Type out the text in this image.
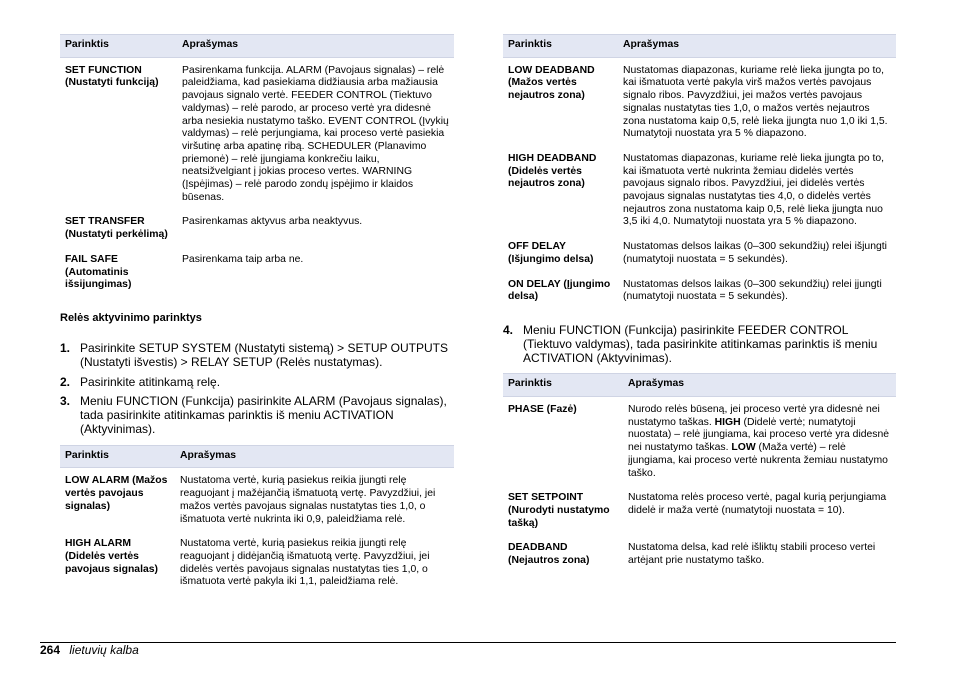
Parinktis	Aprašymas
SET FUNCTION (Nustatyti funkciją)	Pasirenkama funkcija. ALARM (Pavojaus signalas) – relė paleidžiama, kad pasiekiama didžiausia arba mažiausia pavojaus signalo vertė. FEEDER CONTROL (Tiektuvo valdymas) – relė parodo, ar proceso vertė yra didesnė arba nesiekia nustatymo taško. EVENT CONTROL (Įvykių valdymas) – relė perjungiama, kai proceso vertė pasiekia viršutinę arba apatinę ribą. SCHEDULER (Planavimo priemonė) – relė įjungiama konkrečiu laiku, neatsižvelgiant į jokias proceso vertes. WARNING (Įspėjimas) – relė parodo zondų įspėjimo ir klaidos būsenas.
SET TRANSFER (Nustatyti perkėlimą)	Pasirenkamas aktyvus arba neaktyvus.
FAIL SAFE (Automatinis išsijungimas)	Pasirenkama taip arba ne.
Relės aktyvinimo parinktys
1. Pasirinkite SETUP SYSTEM (Nustatyti sistemą) > SETUP OUTPUTS (Nustatyti išvestis) > RELAY SETUP (Relės nustatymas).
2. Pasirinkite atitinkamą relę.
3. Meniu FUNCTION (Funkcija) pasirinkite ALARM (Pavojaus signalas), tada pasirinkite atitinkamas parinktis iš meniu ACTIVATION (Aktyvinimas).
Parinktis	Aprašymas
LOW ALARM (Mažos vertės pavojaus signalas)	Nustatoma vertė, kurią pasiekus reikia įjungti relę reaguojant į mažėjančią išmatuotą vertę. Pavyzdžiui, jei mažos vertės pavojaus signalas nustatytas ties 1,0, o išmatuota vertė nukrinta iki 0,9, paleidžiama relė.
HIGH ALARM (Didelės vertės pavojaus signalas)	Nustatoma vertė, kurią pasiekus reikia įjungti relę reaguojant į didėjančią išmatuotą vertę. Pavyzdžiui, jei didelės vertės pavojaus signalas nustatytas ties 1,0, o išmatuota vertė pakyla iki 1,1, paleidžiama relė.
Parinktis	Aprašymas
LOW DEADBAND (Mažos vertės nejautros zona)	Nustatomas diapazonas, kuriame relė lieka įjungta po to, kai išmatuota vertė pakyla virš mažos vertės pavojaus signalo ribos. Pavyzdžiui, jei mažos vertės pavojaus signalas nustatytas ties 1,0, o mažos vertės nejautros zona nustatoma kaip 0,5, relė lieka įjungta nuo 1,0 iki 1,5. Numatytoji nuostata yra 5 % diapazono.
HIGH DEADBAND (Didelės vertės nejautros zona)	Nustatomas diapazonas, kuriame relė lieka įjungta po to, kai išmatuota vertė nukrinta žemiau didelės vertės pavojaus signalo ribos. Pavyzdžiui, jei didelės vertės pavojaus signalas nustatytas ties 4,0, o didelės vertės nejautros zona nustatoma kaip 0,5, relė lieka įjungta nuo 3,5 iki 4,0. Numatytoji nuostata yra 5 % diapazono.
OFF DELAY (Išjungimo delsa)	Nustatomas delsos laikas (0–300 sekundžių) relei išjungti (numatytoji nuostata = 5 sekundės).
ON DELAY (Įjungimo delsa)	Nustatomas delsos laikas (0–300 sekundžių) relei įjungti (numatytoji nuostata = 5 sekundės).
4. Meniu FUNCTION (Funkcija) pasirinkite FEEDER CONTROL (Tiektuvo valdymas), tada pasirinkite atitinkamas parinktis iš meniu ACTIVATION (Aktyvinimas).
Parinktis	Aprašymas
PHASE (Fazė)	Nurodo relės būseną, jei proceso vertė yra didesnė nei nustatymo taškas. HIGH (Didelė vertė; numatytoji nuostata) – relė įjungiama, kai proceso vertė yra didesnė nei nustatymo taškas. LOW (Maža vertė) – relė įjungiama, kai proceso vertė nukrenta žemiau nustatymo taško.
SET SETPOINT (Nurodyti nustatymo tašką)	Nustatoma relės proceso vertė, pagal kurią perjungiama didelė ir maža vertė (numatytoji nuostata = 10).
DEADBAND (Nejautros zona)	Nustatoma delsa, kad relė išliktų stabili proceso vertei artėjant prie nustatymo taško.
264 lietuvių kalba
